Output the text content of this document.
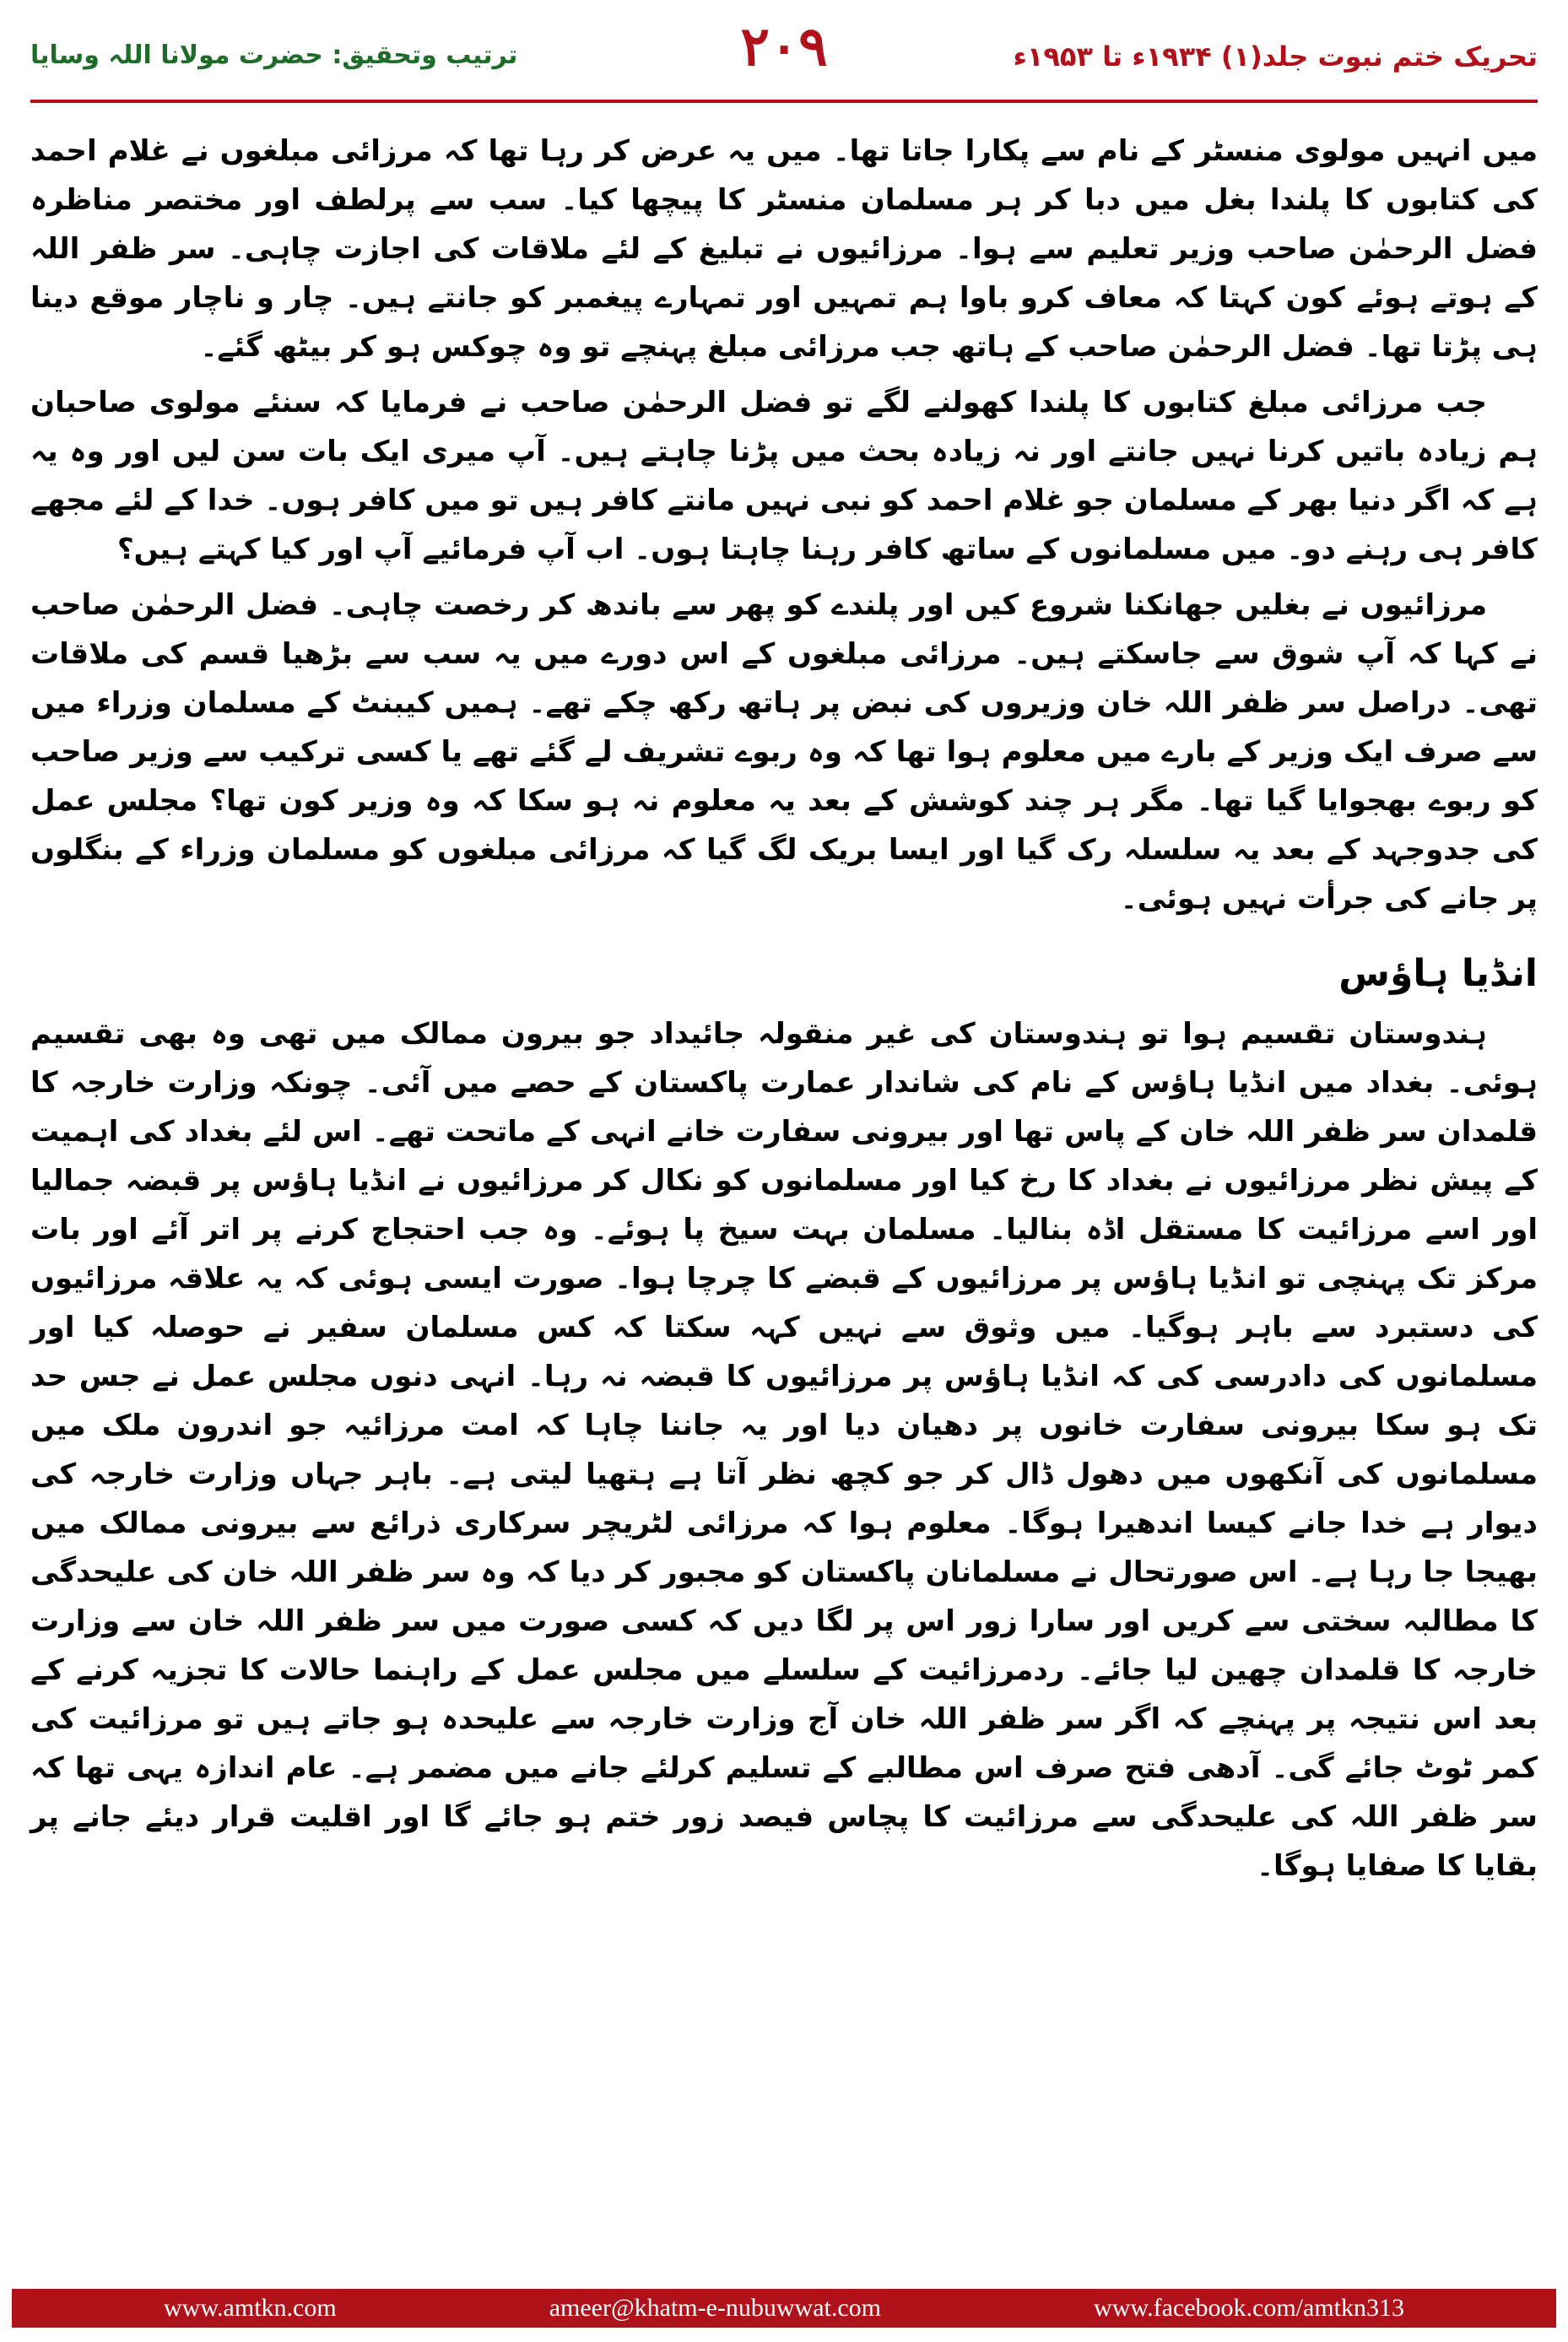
ترتیب وتحقیق: حضرت مولانا اللہ وسایا	۲۰۹	تحریک ختم نبوت جلد(۱) ۱۹۳۴ء تا ۱۹۵۳ء

میں انہیں مولوی منسٹر کے نام سے پکارا جاتا تھا۔ میں یہ عرض کر رہا تھا کہ مرزائی مبلغوں نے غلام احمد کی کتابوں کا پلندا بغل میں دبا کر ہر مسلمان منسٹر کا پیچھا کیا۔ سب سے پرلطف اور مختصر مناظرہ فضل الرحمٰن صاحب وزیر تعلیم سے ہوا۔ مرزائیوں نے تبلیغ کے لئے ملاقات کی اجازت چاہی۔ سر ظفر اللہ کے ہوتے ہوئے کون کہتا کہ معاف کرو باوا ہم تمہیں اور تمہارے پیغمبر کو جانتے ہیں۔ چار و ناچار موقع دینا ہی پڑتا تھا۔ فضل الرحمٰن صاحب کے ہاتھ جب مرزائی مبلغ پہنچے تو وہ چوکس ہو کر بیٹھ گئے۔

جب مرزائی مبلغ کتابوں کا پلندا کھولنے لگے تو فضل الرحمٰن صاحب نے فرمایا کہ سنئے مولوی صاحبان ہم زیادہ باتیں کرنا نہیں جانتے اور نہ زیادہ بحث میں پڑنا چاہتے ہیں۔ آپ میری ایک بات سن لیں اور وہ یہ ہے کہ اگر دنیا بھر کے مسلمان جو غلام احمد کو نبی نہیں مانتے کافر ہیں تو میں کافر ہوں۔ خدا کے لئے مجھے کافر ہی رہنے دو۔ میں مسلمانوں کے ساتھ کافر رہنا چاہتا ہوں۔ اب آپ فرمائیے آپ اور کیا کہتے ہیں؟

مرزائیوں نے بغلیں جھانکنا شروع کیں اور پلندے کو پھر سے باندھ کر رخصت چاہی۔ فضل الرحمٰن صاحب نے کہا کہ آپ شوق سے جاسکتے ہیں۔ مرزائی مبلغوں کے اس دورے میں یہ سب سے بڑھیا قسم کی ملاقات تھی۔ دراصل سر ظفر اللہ خان وزیروں کی نبض پر ہاتھ رکھ چکے تھے۔ ہمیں کیبنٹ کے مسلمان وزراء میں سے صرف ایک وزیر کے بارے میں معلوم ہوا تھا کہ وہ ربوے تشریف لے گئے تھے یا کسی ترکیب سے وزیر صاحب کو ربوے بھجوایا گیا تھا۔ مگر ہر چند کوشش کے بعد یہ معلوم نہ ہو سکا کہ وہ وزیر کون تھا؟ مجلس عمل کی جدوجہد کے بعد یہ سلسلہ رک گیا اور ایسا بریک لگ گیا کہ مرزائی مبلغوں کو مسلمان وزراء کے بنگلوں پر جانے کی جرأت نہیں ہوئی۔

انڈیا ہاؤس

ہندوستان تقسیم ہوا تو ہندوستان کی غیر منقولہ جائیداد جو بیرون ممالک میں تھی وہ بھی تقسیم ہوئی۔ بغداد میں انڈیا ہاؤس کے نام کی شاندار عمارت پاکستان کے حصے میں آئی۔ چونکہ وزارت خارجہ کا قلمدان سر ظفر اللہ خان کے پاس تھا اور بیرونی سفارت خانے انہی کے ماتحت تھے۔ اس لئے بغداد کی اہمیت کے پیش نظر مرزائیوں نے بغداد کا رخ کیا اور مسلمانوں کو نکال کر مرزائیوں نے انڈیا ہاؤس پر قبضہ جمالیا اور اسے مرزائیت کا مستقل اڈہ بنالیا۔ مسلمان بہت سیخ پا ہوئے۔ وہ جب احتجاج کرنے پر اتر آئے اور بات مرکز تک پہنچی تو انڈیا ہاؤس پر مرزائیوں کے قبضے کا چرچا ہوا۔ صورت ایسی ہوئی کہ یہ علاقہ مرزائیوں کی دستبرد سے باہر ہوگیا۔ میں وثوق سے نہیں کہہ سکتا کہ کس مسلمان سفیر نے حوصلہ کیا اور مسلمانوں کی دادرسی کی کہ انڈیا ہاؤس پر مرزائیوں کا قبضہ نہ رہا۔ انہی دنوں مجلس عمل نے جس حد تک ہو سکا بیرونی سفارت خانوں پر دھیان دیا اور یہ جاننا چاہا کہ امت مرزائیہ جو اندرون ملک میں مسلمانوں کی آنکھوں میں دھول ڈال کر جو کچھ نظر آتا ہے ہتھیا لیتی ہے۔ باہر جہاں وزارت خارجہ کی دیوار ہے خدا جانے کیسا اندھیرا ہوگا۔ معلوم ہوا کہ مرزائی لٹریچر سرکاری ذرائع سے بیرونی ممالک میں بھیجا جا رہا ہے۔ اس صورتحال نے مسلمانان پاکستان کو مجبور کر دیا کہ وہ سر ظفر اللہ خان کی علیحدگی کا مطالبہ سختی سے کریں اور سارا زور اس پر لگا دیں کہ کسی صورت میں سر ظفر اللہ خان سے وزارت خارجہ کا قلمدان چھین لیا جائے۔ ردمرزائیت کے سلسلے میں مجلس عمل کے راہنما حالات کا تجزیہ کرنے کے بعد اس نتیجہ پر پہنچے کہ اگر سر ظفر اللہ خان آج وزارت خارجہ سے علیحدہ ہو جاتے ہیں تو مرزائیت کی کمر ٹوٹ جائے گی۔ آدھی فتح صرف اس مطالبے کے تسلیم کرلئے جانے میں مضمر ہے۔ عام اندازہ یہی تھا کہ سر ظفر اللہ کی علیحدگی سے مرزائیت کا پچاس فیصد زور ختم ہو جائے گا اور اقلیت قرار دیئے جانے پر بقایا کا صفایا ہوگا۔

www.amtkn.com	ameer@khatm-e-nubuwwat.com	www.facebook.com/amtkn313
